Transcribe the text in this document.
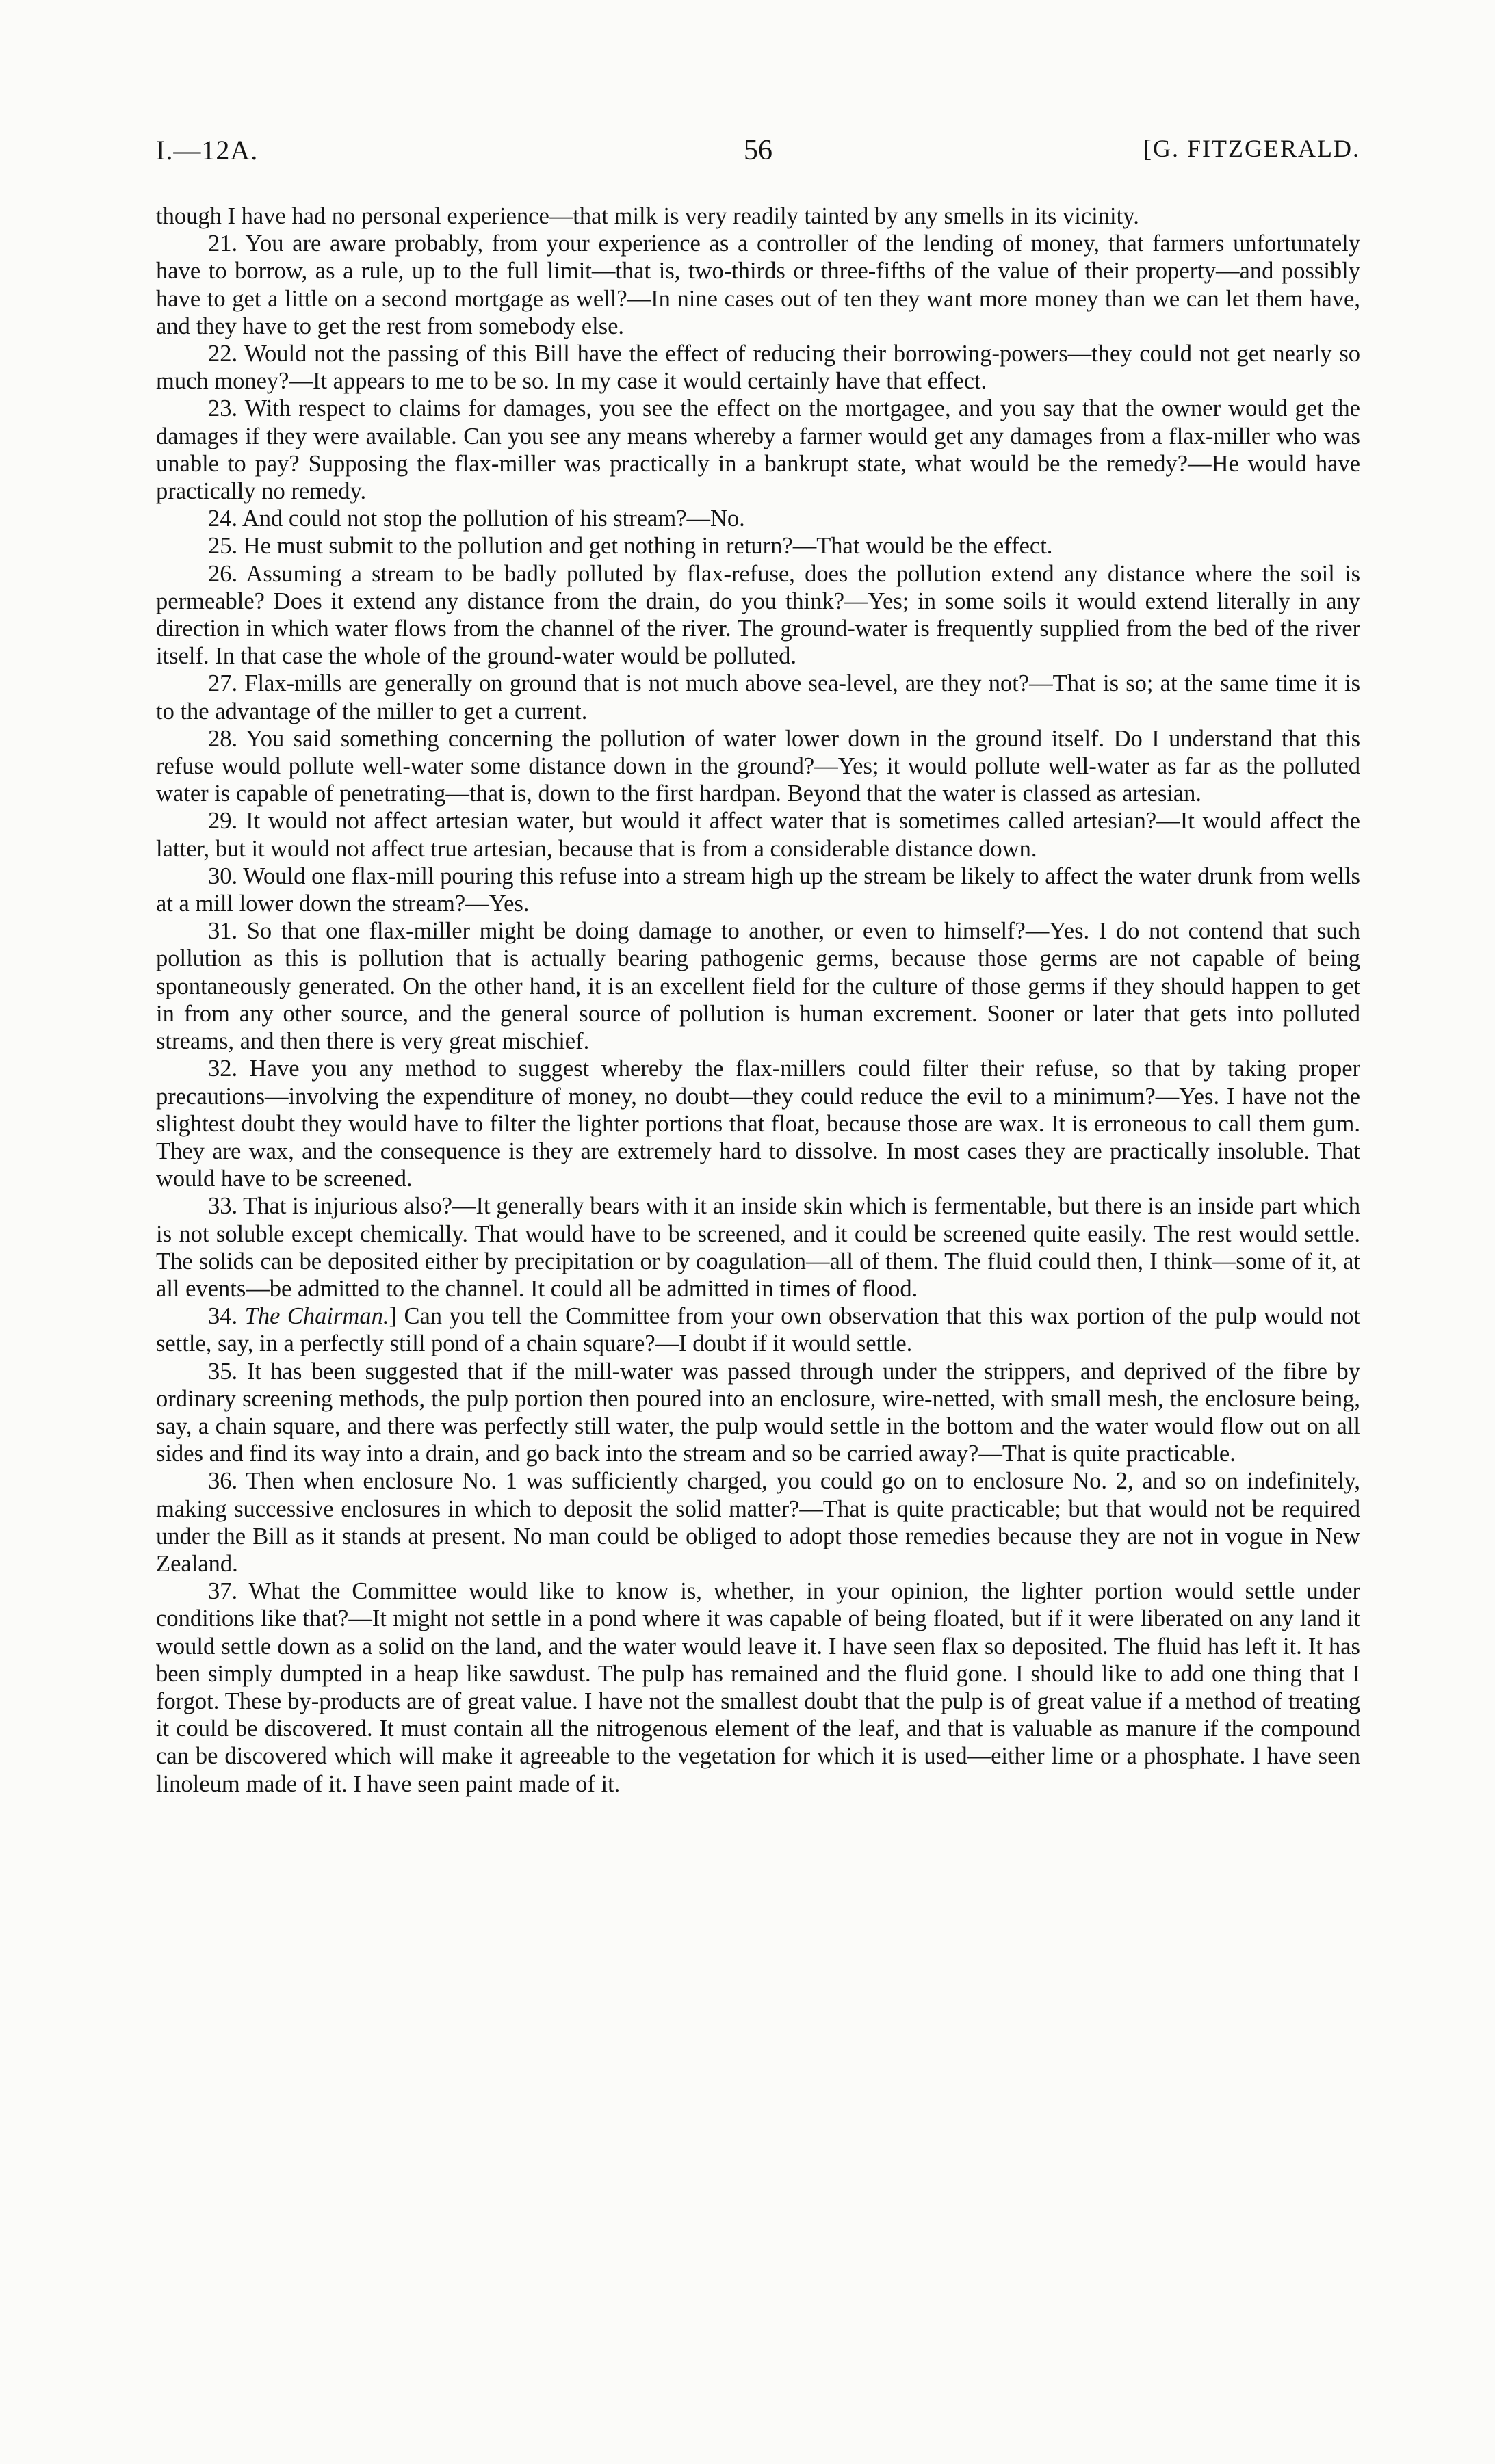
I.—12A.	56	[G. FITZGERALD.

though I have had no personal experience—that milk is very readily tainted by any smells in its vicinity.

21. You are aware probably, from your experience as a controller of the lending of money, that farmers unfortunately have to borrow, as a rule, up to the full limit—that is, two-thirds or three-fifths of the value of their property—and possibly have to get a little on a second mortgage as well?—In nine cases out of ten they want more money than we can let them have, and they have to get the rest from somebody else.

22. Would not the passing of this Bill have the effect of reducing their borrowing-powers—they could not get nearly so much money?—It appears to me to be so. In my case it would certainly have that effect.

23. With respect to claims for damages, you see the effect on the mortgagee, and you say that the owner would get the damages if they were available. Can you see any means whereby a farmer would get any damages from a flax-miller who was unable to pay? Supposing the flax-miller was practically in a bankrupt state, what would be the remedy?—He would have practically no remedy.

24. And could not stop the pollution of his stream?—No.

25. He must submit to the pollution and get nothing in return?—That would be the effect.

26. Assuming a stream to be badly polluted by flax-refuse, does the pollution extend any distance where the soil is permeable? Does it extend any distance from the drain, do you think?—Yes; in some soils it would extend literally in any direction in which water flows from the channel of the river. The ground-water is frequently supplied from the bed of the river itself. In that case the whole of the ground-water would be polluted.

27. Flax-mills are generally on ground that is not much above sea-level, are they not?—That is so; at the same time it is to the advantage of the miller to get a current.

28. You said something concerning the pollution of water lower down in the ground itself. Do I understand that this refuse would pollute well-water some distance down in the ground?—Yes; it would pollute well-water as far as the polluted water is capable of penetrating—that is, down to the first hardpan. Beyond that the water is classed as artesian.

29. It would not affect artesian water, but would it affect water that is sometimes called artesian?—It would affect the latter, but it would not affect true artesian, because that is from a considerable distance down.

30. Would one flax-mill pouring this refuse into a stream high up the stream be likely to affect the water drunk from wells at a mill lower down the stream?—Yes.

31. So that one flax-miller might be doing damage to another, or even to himself?—Yes. I do not contend that such pollution as this is pollution that is actually bearing pathogenic germs, because those germs are not capable of being spontaneously generated. On the other hand, it is an excellent field for the culture of those germs if they should happen to get in from any other source, and the general source of pollution is human excrement. Sooner or later that gets into polluted streams, and then there is very great mischief.

32. Have you any method to suggest whereby the flax-millers could filter their refuse, so that by taking proper precautions—involving the expenditure of money, no doubt—they could reduce the evil to a minimum?—Yes. I have not the slightest doubt they would have to filter the lighter portions that float, because those are wax. It is erroneous to call them gum. They are wax, and the consequence is they are extremely hard to dissolve. In most cases they are practically insoluble. That would have to be screened.

33. That is injurious also?—It generally bears with it an inside skin which is fermentable, but there is an inside part which is not soluble except chemically. That would have to be screened, and it could be screened quite easily. The rest would settle. The solids can be deposited either by precipitation or by coagulation—all of them. The fluid could then, I think—some of it, at all events—be admitted to the channel. It could all be admitted in times of flood.

34. The Chairman.] Can you tell the Committee from your own observation that this wax portion of the pulp would not settle, say, in a perfectly still pond of a chain square?—I doubt if it would settle.

35. It has been suggested that if the mill-water was passed through under the strippers, and deprived of the fibre by ordinary screening methods, the pulp portion then poured into an enclosure, wire-netted, with small mesh, the enclosure being, say, a chain square, and there was perfectly still water, the pulp would settle in the bottom and the water would flow out on all sides and find its way into a drain, and go back into the stream and so be carried away?—That is quite practicable.

36. Then when enclosure No. 1 was sufficiently charged, you could go on to enclosure No. 2, and so on indefinitely, making successive enclosures in which to deposit the solid matter?—That is quite practicable; but that would not be required under the Bill as it stands at present. No man could be obliged to adopt those remedies because they are not in vogue in New Zealand.

37. What the Committee would like to know is, whether, in your opinion, the lighter portion would settle under conditions like that?—It might not settle in a pond where it was capable of being floated, but if it were liberated on any land it would settle down as a solid on the land, and the water would leave it. I have seen flax so deposited. The fluid has left it. It has been simply dumpted in a heap like sawdust. The pulp has remained and the fluid gone. I should like to add one thing that I forgot. These by-products are of great value. I have not the smallest doubt that the pulp is of great value if a method of treating it could be discovered. It must contain all the nitrogenous element of the leaf, and that is valuable as manure if the compound can be discovered which will make it agreeable to the vegetation for which it is used—either lime or a phosphate. I have seen linoleum made of it. I have seen paint made of it.
